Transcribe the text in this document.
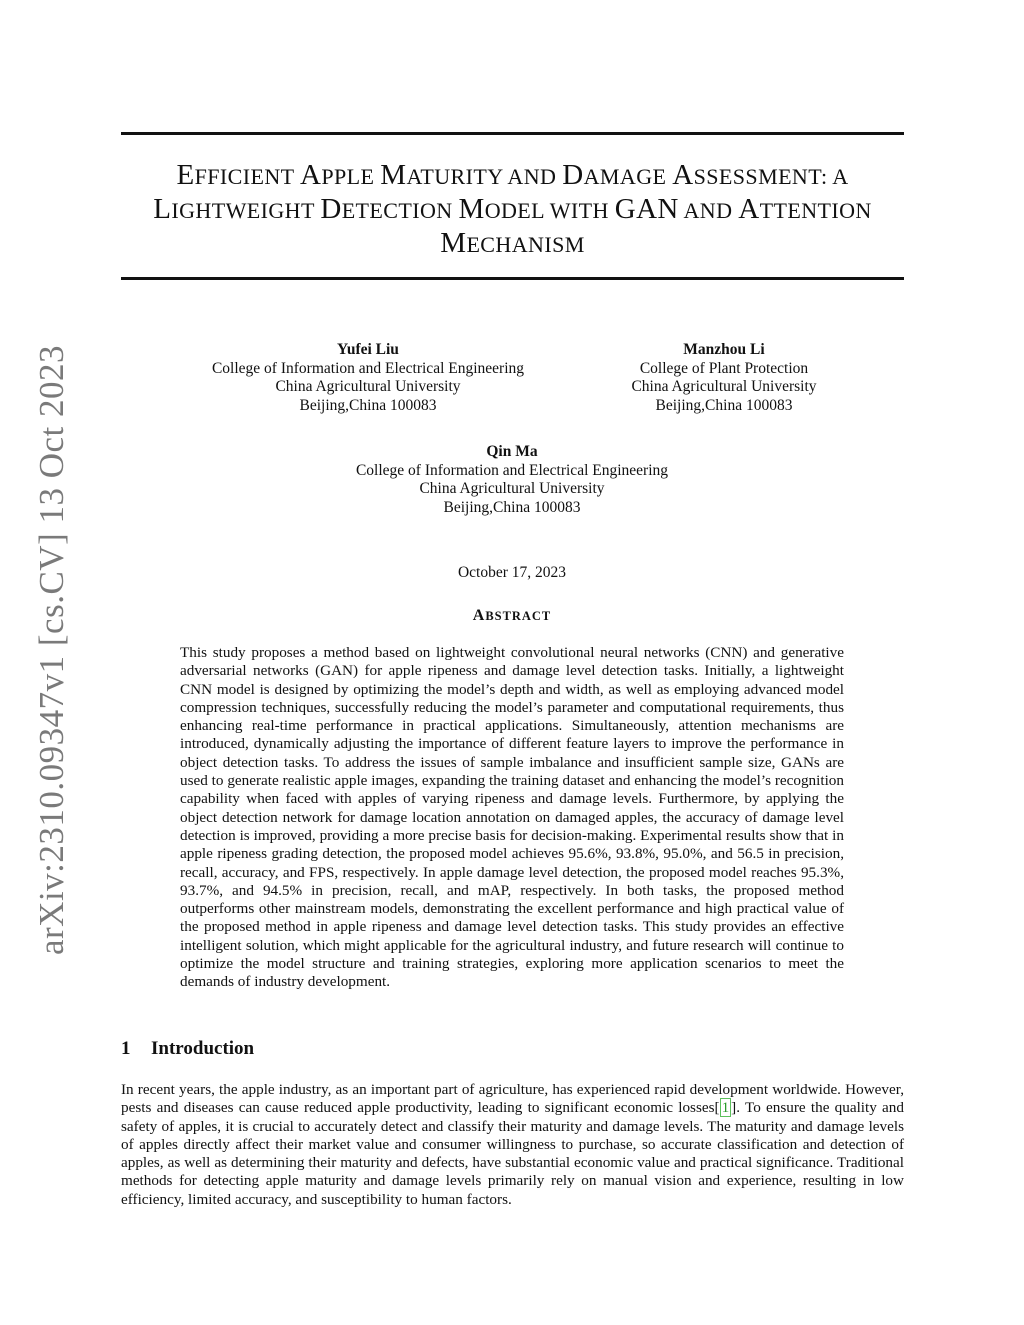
arXiv:2310.09347v1 [cs.CV] 13 Oct 2023
EFFICIENT APPLE MATURITY AND DAMAGE ASSESSMENT: A
LIGHTWEIGHT DETECTION MODEL WITH GAN AND ATTENTION
MECHANISM
Yufei Liu
College of Information and Electrical Engineering
China Agricultural University
Beijing,China 100083
Manzhou Li
College of Plant Protection
China Agricultural University
Beijing,China 100083
Qin Ma
College of Information and Electrical Engineering
China Agricultural University
Beijing,China 100083
October 17, 2023
ABSTRACT

This study proposes a method based on lightweight convolutional neural networks (CNN) and generative adversarial networks (GAN) for apple ripeness and damage level detection tasks. Initially, a lightweight CNN model is designed by optimizing the model’s depth and width, as well as employing advanced model compression techniques, successfully reducing the model’s parameter and computational requirements, thus enhancing real-time performance in practical applications. Simultaneously, attention mechanisms are introduced, dynamically adjusting the importance of different feature layers to improve the performance in object detection tasks. To address the issues of sample imbalance and insufficient sample size, GANs are used to generate realistic apple images, expanding the training dataset and enhancing the model’s recognition capability when faced with apples of varying ripeness and damage levels. Furthermore, by applying the object detection network for damage location annotation on damaged apples, the accuracy of damage level detection is improved, providing a more precise basis for decision-making. Experimental results show that in apple ripeness grading detection, the proposed model achieves 95.6%, 93.8%, 95.0%, and 56.5 in precision, recall, accuracy, and FPS, respectively. In apple damage level detection, the proposed model reaches 95.3%, 93.7%, and 94.5% in precision, recall, and mAP, respectively. In both tasks, the proposed method outperforms other mainstream models, demonstrating the excellent performance and high practical value of the proposed method in apple ripeness and damage level detection tasks. This study provides an effective intelligent solution, which might applicable for the agricultural industry, and future research will continue to optimize the model structure and training strategies, exploring more application scenarios to meet the demands of industry development.

1 Introduction

In recent years, the apple industry, as an important part of agriculture, has experienced rapid development worldwide. However, pests and diseases can cause reduced apple productivity, leading to significant economic losses[ 1 ]. To ensure the quality and safety of apples, it is crucial to accurately detect and classify their maturity and damage levels. The maturity and damage levels of apples directly affect their market value and consumer willingness to purchase, so accurate classification and detection of apples, as well as determining their maturity and defects, have substantial economic value and practical significance. Traditional methods for detecting apple maturity and damage levels primarily rely on manual vision and experience, resulting in low efficiency, limited accuracy, and susceptibility to human factors.
